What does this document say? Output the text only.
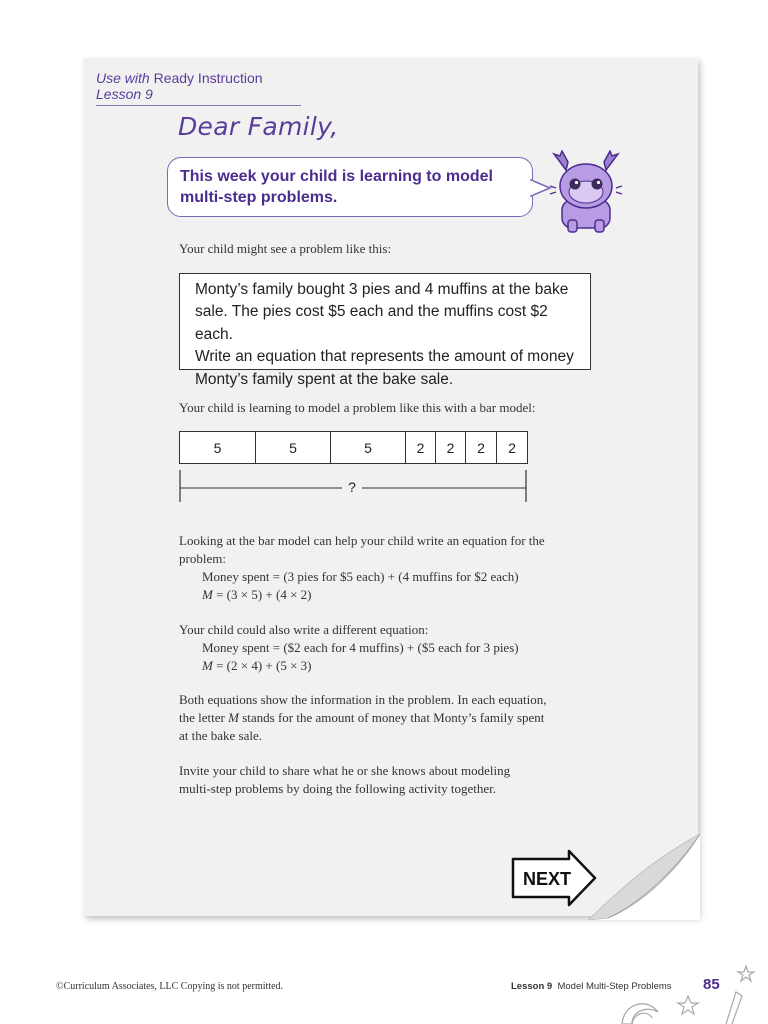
Use with Ready Instruction Lesson 9
Dear Family,
This week your child is learning to model
multi-step problems.
Your child might see a problem like this:
Monty’s family bought 3 pies and 4 muffins at the bake
sale. The pies cost $5 each and the muffins cost $2 each.
Write an equation that represents the amount of money
Monty’s family spent at the bake sale.
Your child is learning to model a problem like this with a bar model:
5	5	5	2	2	2	2
?
Looking at the bar model can help your child write an equation for the
problem:
Money spent = (3 pies for $5 each) + (4 muffins for $2 each)
M = (3 × 5) + (4 × 2)
Your child could also write a different equation:
Money spent = ($2 each for 4 muffins) + ($5 each for 3 pies)
M = (2 × 4) + (5 × 3)
Both equations show the information in the problem. In each equation,
the letter M stands for the amount of money that Monty’s family spent
at the bake sale.
Invite your child to share what he or she knows about modeling
multi-step problems by doing the following activity together.
NEXT
©Curriculum Associates, LLC Copying is not permitted.	Lesson 9 Model Multi-Step Problems 85
